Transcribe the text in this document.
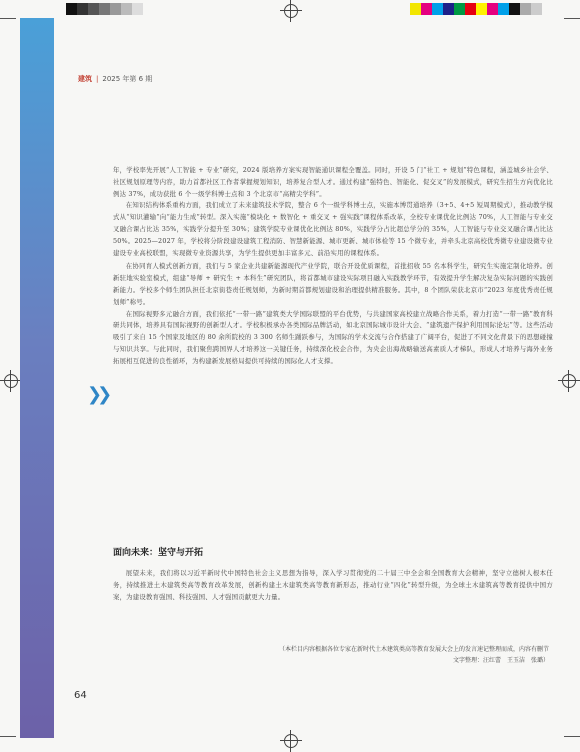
建筑 | 2025 年第 6 期

年，学校率先开展“人工智能 + 专业”研究，2024 版培养方案实现智能通识课程全覆盖。同时，开设 5 门“社工 + 规划”特色课程，涵盖城乡社会学、社区规划原理等内容，助力首都社区工作者掌握规划知识，培养复合型人才。通过构建“强特色、智能化、促交叉”的发展模式，研究生招生方向优化比例达 37%，成功获批 6 个一级学科博士点和 3 个北京市“高精尖学科”。

在知识结构体系重构方面，我们成立了未来建筑技术学院，整合 6 个一级学科博士点，实施本博贯通培养（3+5、4+5 短周期模式），推动教学模式从“知识灌输”向“能力生成”转型。深入实施“模块化 + 数智化 + 重交叉 + 强实践”课程体系改革，全校专业课优化比例达 70%，人工智能与专业交叉融合课占比达 35%，实践学分提升至 30%；建筑学院专业课优化比例达 80%，实践学分占比超总学分的 35%，人工智能与专业交叉融合课占比达 50%。2025—2027 年，学校将分阶段建设建筑工程消防、智慧新能源、城市更新、城市体检等 15 个微专业，并牵头北京高校优秀微专业建设微专业建设专业高校联盟，实现微专业资源共享，为学生提供更加丰富多元、前沿实用的课程体系。

在协同育人模式创新方面，我们与 5 家企业共建新能源现代产业学院，联合开设优质课程，首批招收 55 名本科学生，研究生实施定制化培养。创新驻地实验室模式，组建“导师 + 研究生 + 本科生”研究团队，将首都城市建设实际项目融入实践教学环节，有效提升学生解决复杂实际问题的实践创新能力。学校多个师生团队担任北京街巷责任规划师，为新时期首都规划建设和治理提供精准服务。其中，8 个团队荣获北京市“2023 年度优秀责任规划师”称号。

在国际视野多元融合方面，我们依托“一带一路”建筑类大学国际联盟的平台优势，与共建国家高校建立战略合作关系，着力打造“一带一路”教育科研共同体，培养具有国际视野的创新型人才。学校积极承办各类国际品牌活动，如北京国际城市设计大会、“建筑遗产保护利用国际论坛”等。这些活动吸引了来自 15 个国家及地区的 80 余所院校的 3 300 名师生踊跃参与，为国际的学术交流与合作搭建了广阔平台，促进了不同文化背景下的思想碰撞与知识共享。与此同时，我们聚焦跨国界人才培养这一关键任务，持续深化校企合作，为央企出海战略输送高素质人才梯队，形成人才培养与海外业务拓展相互促进的良性循环，为构建新发展格局提供可持续的国际化人才支撑。

❯❯
面向未来：坚守与开拓

展望未来，我们将以习近平新时代中国特色社会主义思想为指导，深入学习贯彻党的二十届三中全会和全国教育大会精神，坚守立德树人根本任务，持续推进土木建筑类高等教育改革发展，创新构建土木建筑类高等教育新形态，推动行业“四化”转型升级，为全球土木建筑高等教育提供中国方案，为建设教育强国、科技强国、人才强国贡献更大力量。

（本栏目内容根据各位专家在新时代土木建筑类高等教育发展大会上的发言速记整理而成，内容有删节
文字整理：汪红蕾　王玉洁　张璐）
64
